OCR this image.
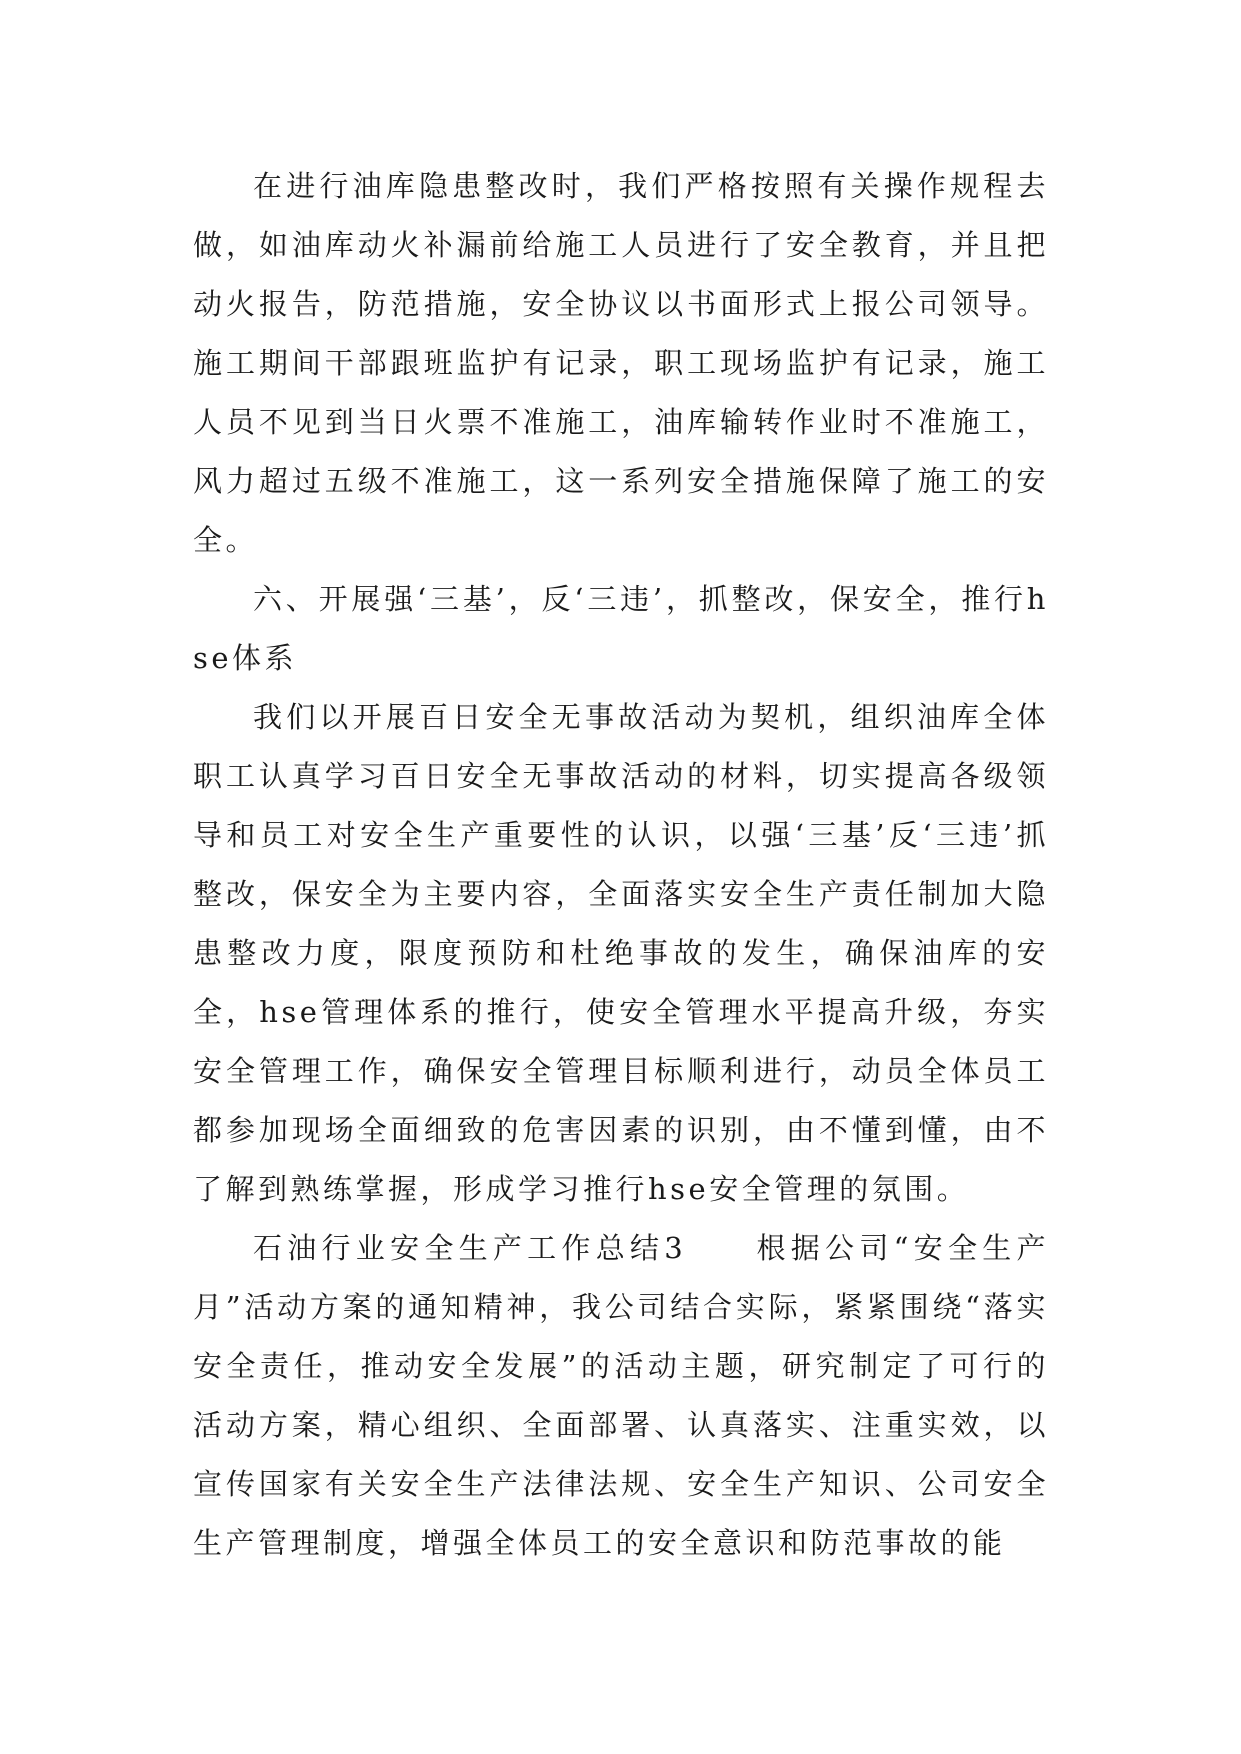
在进行油库隐患整改时，我们严格按照有关操作规程去做，如油库动火补漏前给施工人员进行了安全教育，并且把动火报告，防范措施，安全协议以书面形式上报公司领导。施工期间干部跟班监护有记录，职工现场监护有记录，施工人员不见到当日火票不准施工，油库输转作业时不准施工，风力超过五级不准施工，这一系列安全措施保障了施工的安全。

六、开展强‘三基’，反‘三违’，抓整改，保安全，推行hse体系

我们以开展百日安全无事故活动为契机，组织油库全体职工认真学习百日安全无事故活动的材料，切实提高各级领导和员工对安全生产重要性的认识，以强‘三基’反‘三违’抓整改，保安全为主要内容，全面落实安全生产责任制加大隐患整改力度，限度预防和杜绝事故的发生，确保油库的安全，hse管理体系的推行，使安全管理水平提高升级，夯实安全管理工作，确保安全管理目标顺利进行，动员全体员工都参加现场全面细致的危害因素的识别，由不懂到懂，由不了解到熟练掌握，形成学习推行hse安全管理的氛围。

石油行业安全生产工作总结3　　根据公司“安全生产月”活动方案的通知精神，我公司结合实际，紧紧围绕“落实安全责任，推动安全发展”的活动主题，研究制定了可行的活动方案，精心组织、全面部署、认真落实、注重实效，以宣传国家有关安全生产法律法规、安全生产知识、公司安全生产管理制度，增强全体员工的安全意识和防范事故的能
